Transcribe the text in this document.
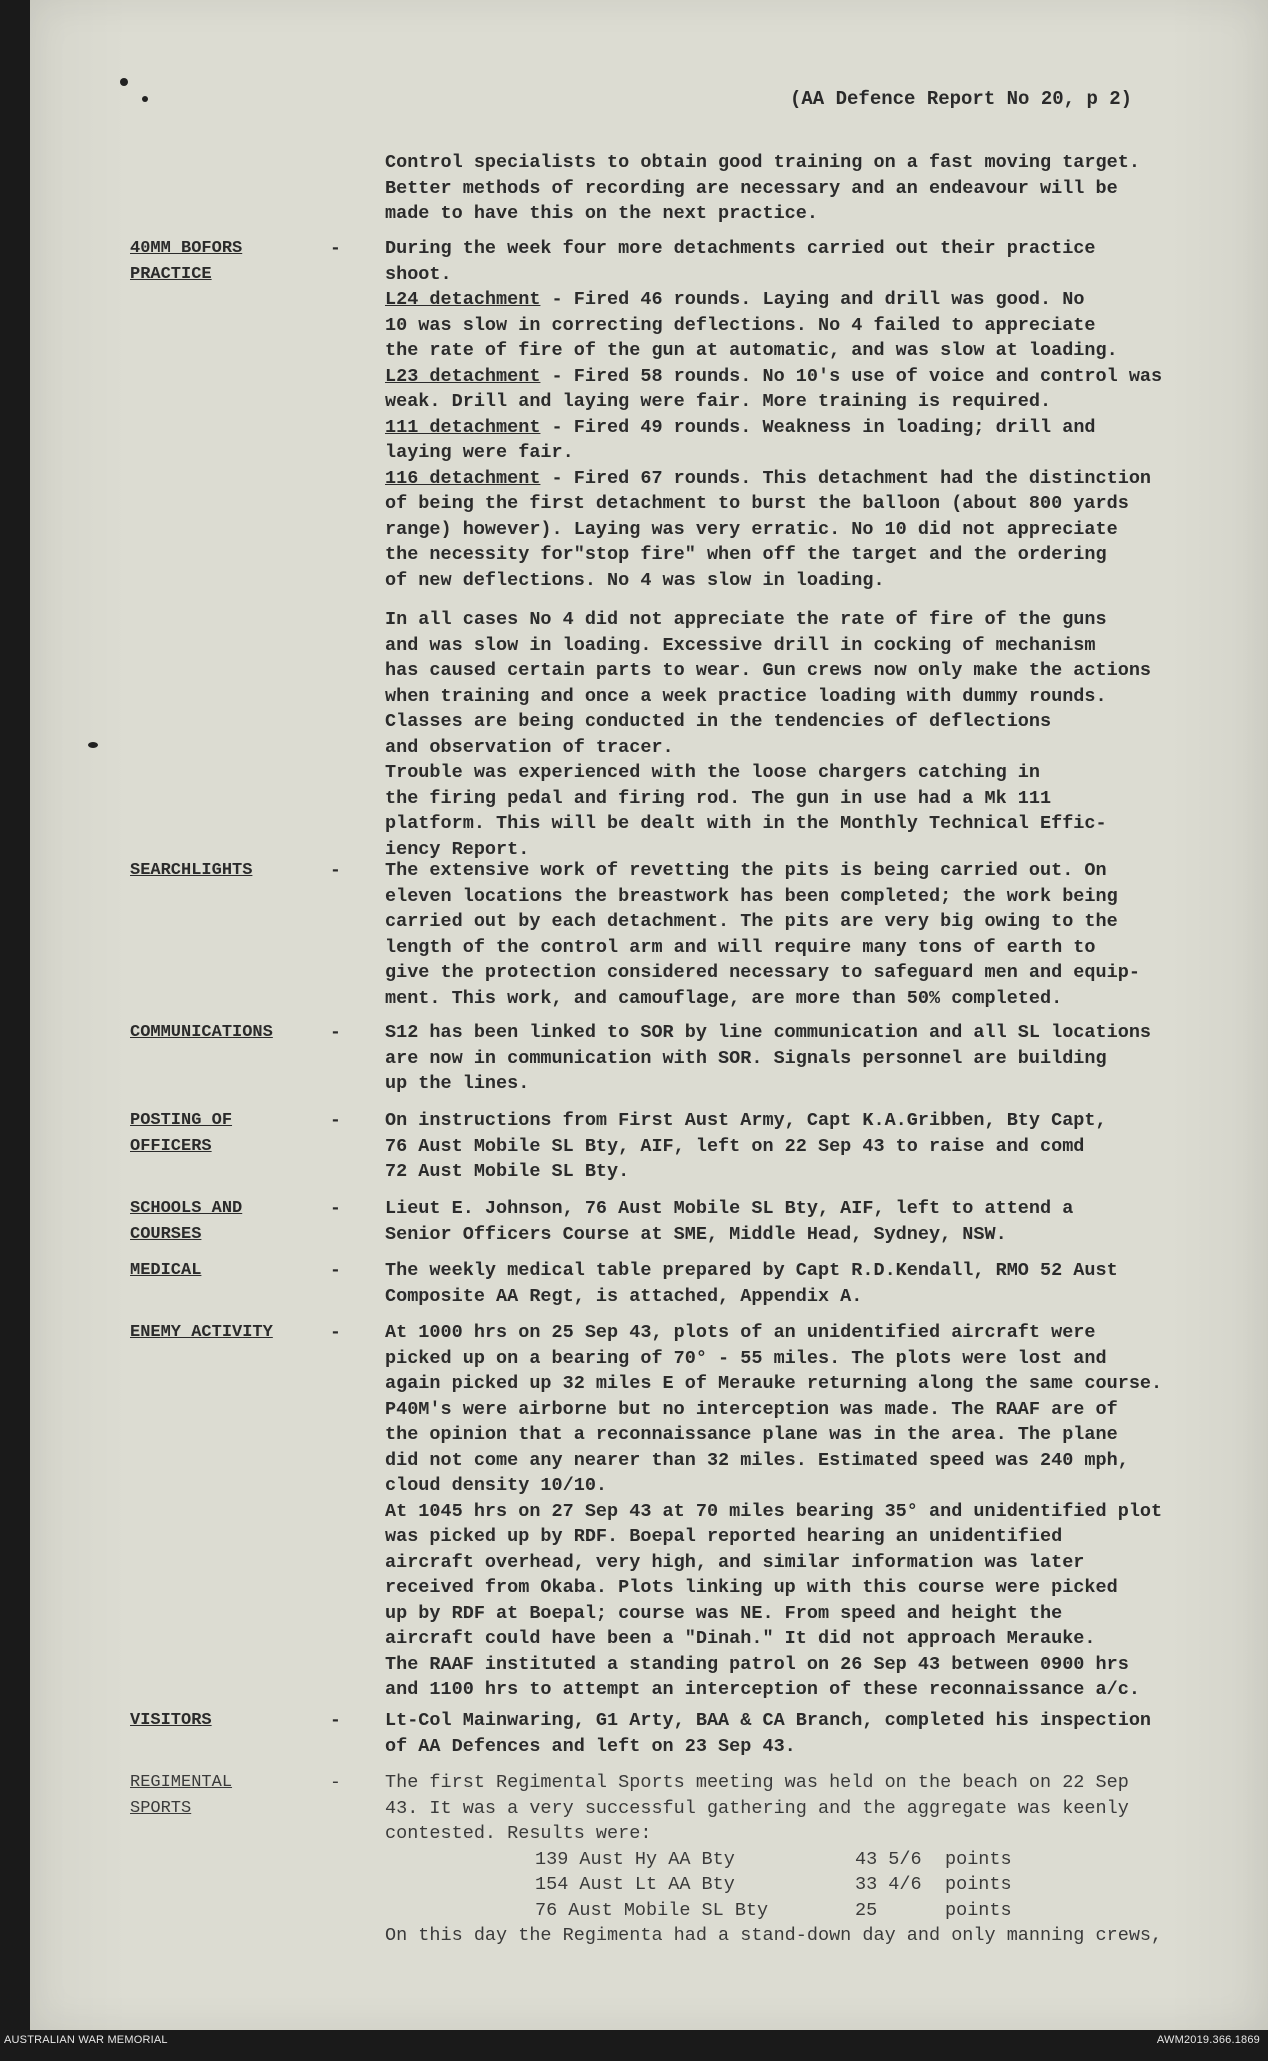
(AA Defence Report No 20, p 2)

Control specialists to obtain good training on a fast moving target.

Better methods of recording are necessary and an endeavour will be

made to have this on the next practice.

40MM BOFORS
PRACTICE
- During the week four more detachments carried out their practice

shoot.

L24 detachment - Fired 46 rounds. Laying and drill was good. No

10 was slow in correcting deflections. No 4 failed to appreciate

the rate of fire of the gun at automatic, and was slow at loading.

L23 detachment - Fired 58 rounds. No 10's use of voice and control was

weak. Drill and laying were fair. More training is required.

111 detachment - Fired 49 rounds. Weakness in loading; drill and

laying were fair.

116 detachment - Fired 67 rounds. This detachment had the distinction

of being the first detachment to burst the balloon (about 800 yards

range) however). Laying was very erratic. No 10 did not appreciate

the necessity for"stop fire" when off the target and the ordering

of new deflections. No 4 was slow in loading.

In all cases No 4 did not appreciate the rate of fire of the guns

and was slow in loading. Excessive drill in cocking of mechanism

has caused certain parts to wear. Gun crews now only make the actions

when training and once a week practice loading with dummy rounds.

Classes are being conducted in the tendencies of deflections

and observation of tracer.

Trouble was experienced with the loose chargers catching in

the firing pedal and firing rod. The gun in use had a Mk 111

platform. This will be dealt with in the Monthly Technical Effic-

iency Report.

SEARCHLIGHTS	- The extensive work of revetting the pits is being carried out. On

eleven locations the breastwork has been completed; the work being

carried out by each detachment. The pits are very big owing to the

length of the control arm and will require many tons of earth to

give the protection considered necessary to safeguard men and equip-

ment. This work, and camouflage, are more than 50% completed.

COMMUNICATIONS	- S12 has been linked to SOR by line communication and all SL locations

are now in communication with SOR. Signals personnel are building

up the lines.

POSTING OF
OFFICERS
- On instructions from First Aust Army, Capt K.A.Gribben, Bty Capt,

76 Aust Mobile SL Bty, AIF, left on 22 Sep 43 to raise and comd

72 Aust Mobile SL Bty.

SCHOOLS AND
COURSES
- Lieut E. Johnson, 76 Aust Mobile SL Bty, AIF, left to attend a

Senior Officers Course at SME, Middle Head, Sydney, NSW.

MEDICAL	- The weekly medical table prepared by Capt R.D.Kendall, RMO 52 Aust

Composite AA Regt, is attached, Appendix A.

ENEMY ACTIVITY	- At 1000 hrs on 25 Sep 43, plots of an unidentified aircraft were

picked up on a bearing of 70° - 55 miles. The plots were lost and

again picked up 32 miles E of Merauke returning along the same course.

P40M's were airborne but no interception was made. The RAAF are of

the opinion that a reconnaissance plane was in the area. The plane

did not come any nearer than 32 miles. Estimated speed was 240 mph,

cloud density 10/10.

At 1045 hrs on 27 Sep 43 at 70 miles bearing 35° and unidentified plot

was picked up by RDF. Boepal reported hearing an unidentified

aircraft overhead, very high, and similar information was later

received from Okaba. Plots linking up with this course were picked

up by RDF at Boepal; course was NE. From speed and height the

aircraft could have been a "Dinah." It did not approach Merauke.

The RAAF instituted a standing patrol on 26 Sep 43 between 0900 hrs

and 1100 hrs to attempt an interception of these reconnaissance a/c.

VISITORS	- Lt-Col Mainwaring, G1 Arty, BAA & CA Branch, completed his inspection

of AA Defences and left on 23 Sep 43.

REGIMENTAL
SPORTS
- The first Regimental Sports meeting was held on the beach on 22 Sep

43. It was a very successful gathering and the aggregate was keenly

contested. Results were:

139 Aust Hy AA Bty	43 5/6	points
154 Aust Lt AA Bty	33 4/6	points
76 Aust Mobile SL Bty	25	points

On this day the Regimenta had a stand-down day and only manning crews,

AUSTRALIAN WAR MEMORIAL	AWM2019.366.1869
